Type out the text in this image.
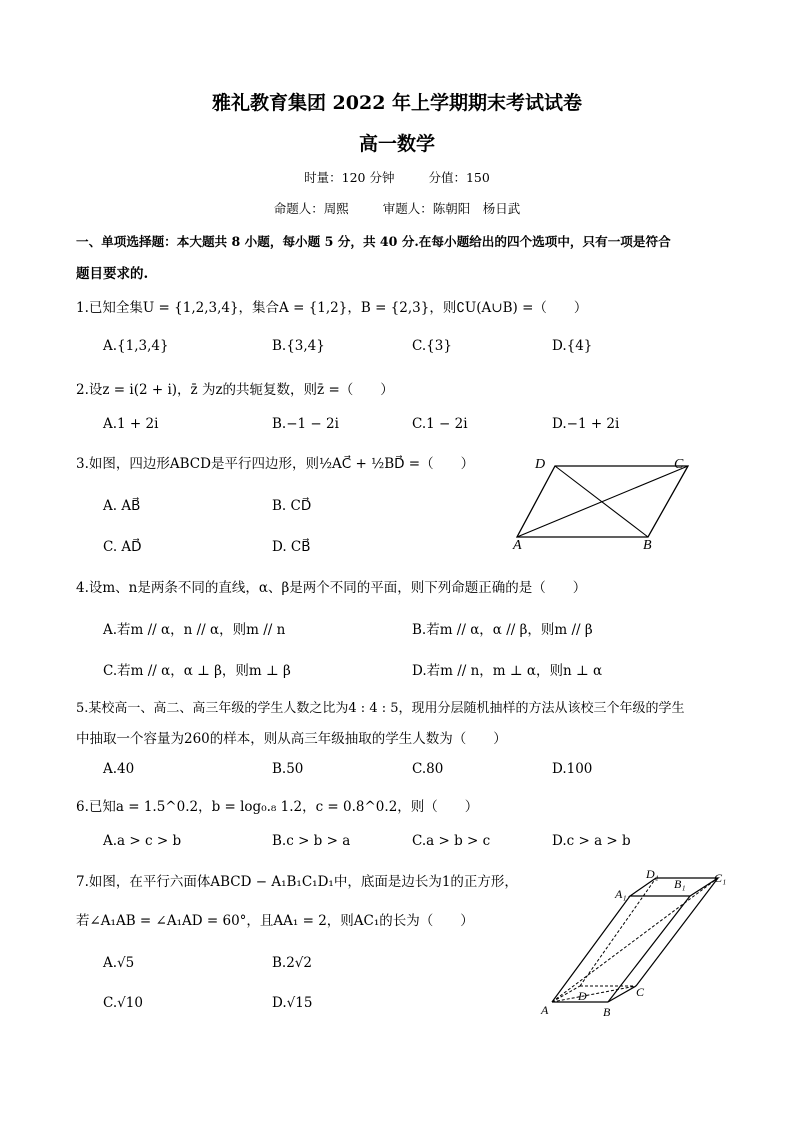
雅礼教育集团 2022 年上学期期末考试试卷
高一数学
时量：120 分钟	分值：150
命题人：周熙	审题人：陈朝阳　杨日武
一、单项选择题：本大题共 8 小题，每小题 5 分，共 40 分.在每小题给出的四个选项中，只有一项是符合
题目要求的.
1.已知全集U = {1,2,3,4}，集合A = {1,2}，B = {2,3}，则∁U(A∪B) =（　　）
A.{1,3,4}	B.{3,4}	C.{3}	D.{4}
2.设z = i(2 + i)，z̄ 为z的共轭复数，则z̄ =（　　）
A.1 + 2i	B.−1 − 2i	C.1 − 2i	D.−1 + 2i
3.如图，四边形ABCD是平行四边形，则½AC⃗ + ½BD⃗ =（　　）
A. AB⃗	B. CD⃗
C. AD⃗	D. CB⃗
D	C
A	B
4.设m、n是两条不同的直线，α、β是两个不同的平面，则下列命题正确的是（　　）
A.若m // α，n // α，则m // n	B.若m // α，α // β，则m // β
C.若m // α，α ⊥ β，则m ⊥ β	D.若m // n，m ⊥ α，则n ⊥ α
5.某校高一、高二、高三年级的学生人数之比为4 : 4 : 5，现用分层随机抽样的方法从该校三个年级的学生
中抽取一个容量为260的样本，则从高三年级抽取的学生人数为（　　）
A.40	B.50	C.80	D.100
6.已知a = 1.5^0.2，b = log₀.₈ 1.2，c = 0.8^0.2，则（　　）
A.a > c > b	B.c > b > a	C.a > b > c	D.c > a > b
7.如图，在平行六面体ABCD − A₁B₁C₁D₁中，底面是边长为1的正方形，
若∠A₁AB = ∠A₁AD = 60°，且AA₁ = 2，则AC₁的长为（　　）
A.√5	B.2√2
C.√10	D.√15
D₁
A₁
B₁ C₁
A
D	C
B
